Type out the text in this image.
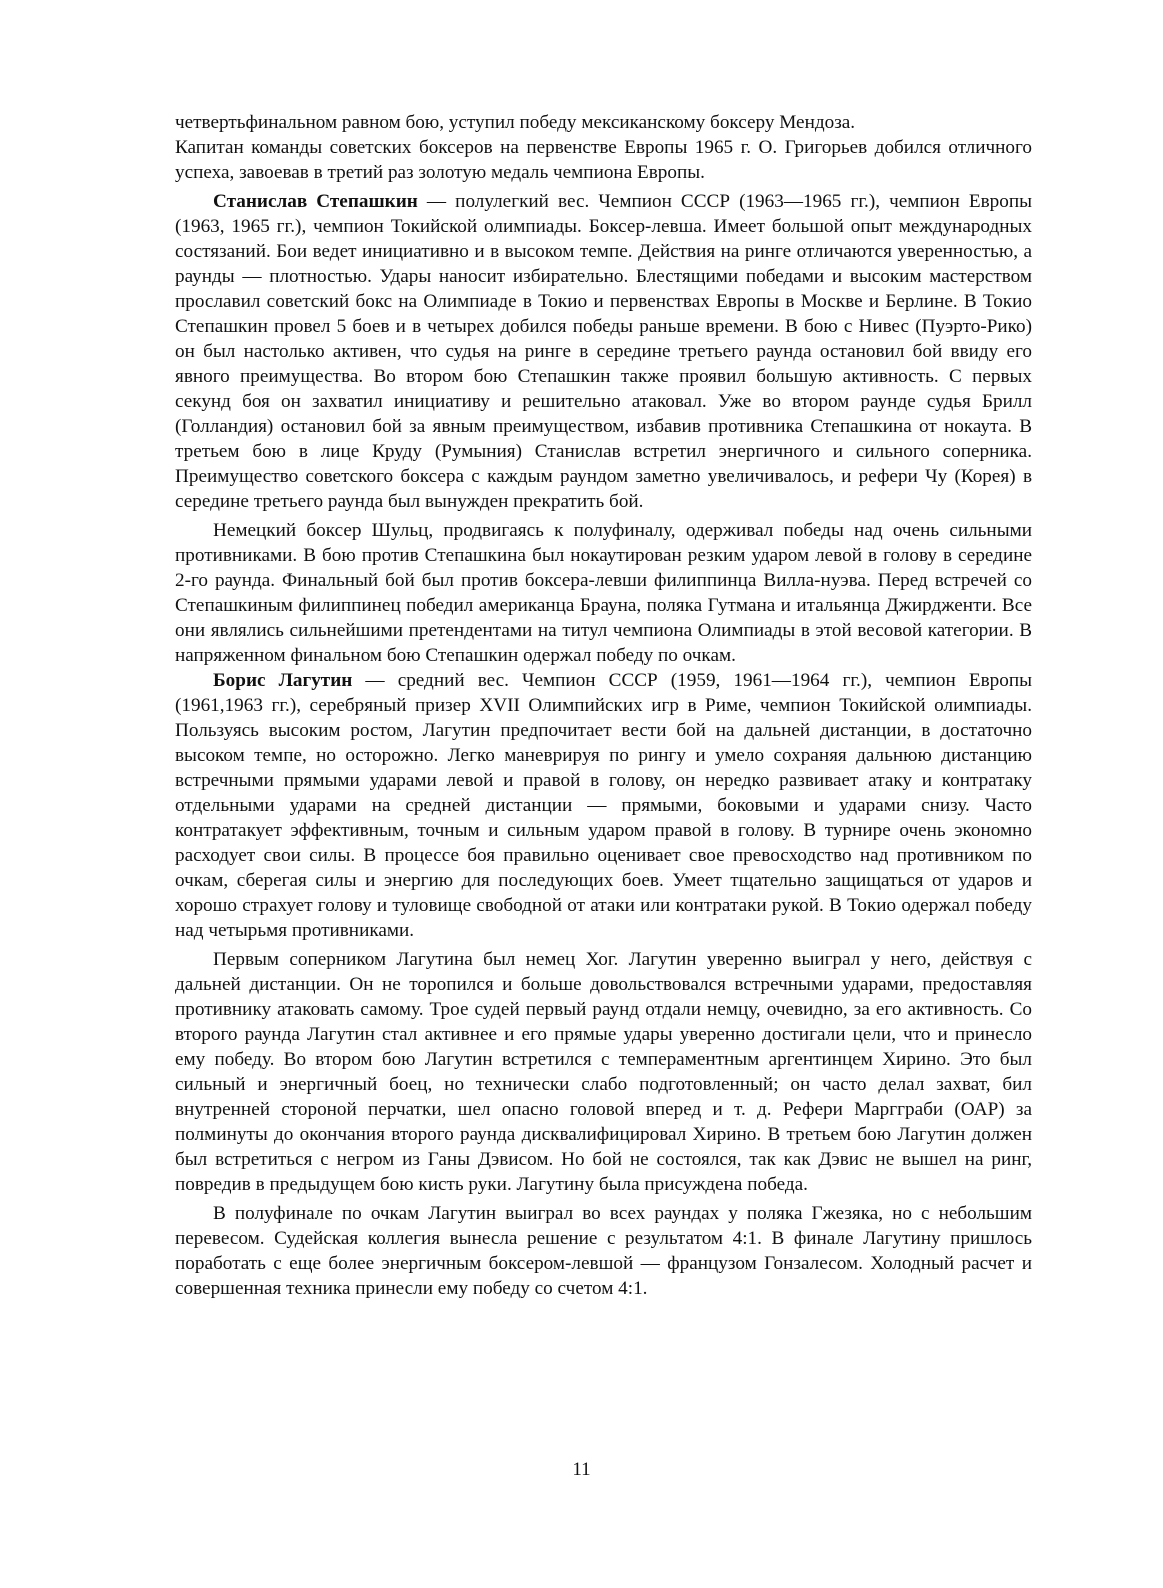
четвертьфинальном равном бою, уступил победу мексиканскому боксеру Мендоза.

Капитан команды советских боксеров на первенстве Европы 1965 г. О. Григорьев добился отличного успеха, завоевав в третий раз золотую медаль чемпиона Европы.

Станислав Степашкин — полулегкий вес. Чемпион СССР (1963—1965 гг.), чемпион Европы (1963, 1965 гг.), чемпион Токийской олимпиады. Боксер-левша. Имеет большой опыт международных состязаний. Бои ведет инициативно и в высоком темпе. Действия на ринге отличаются уверенностью, а раунды — плотностью. Удары наносит избирательно. Блестящими победами и высоким мастерством прославил советский бокс на Олимпиаде в Токио и первенствах Европы в Москве и Берлине. В Токио Степашкин провел 5 боев и в четырех добился победы раньше времени. В бою с Нивес (Пуэрто-Рико) он был настолько активен, что судья на ринге в середине третьего раунда остановил бой ввиду его явного преимущества. Во втором бою Степашкин также проявил большую активность. С первых секунд боя он захватил инициативу и решительно атаковал. Уже во втором раунде судья Брилл (Голландия) остановил бой за явным преимуществом, избавив противника Степашкина от нокаута. В третьем бою в лице Круду (Румыния) Станислав встретил энергичного и сильного соперника. Преимущество советского боксера с каждым раундом заметно увеличивалось, и рефери Чу (Корея) в середине третьего раунда был вынужден прекратить бой.

Немецкий боксер Шульц, продвигаясь к полуфиналу, одерживал победы над очень сильными противниками. В бою против Степашкина был нокаутирован резким ударом левой в голову в середине 2-го раунда. Финальный бой был против боксера-левши филиппинца Вилла-нуэва. Перед встречей со Степашкиным филиппинец победил американца Брауна, поляка Гутмана и итальянца Джирдженти. Все они являлись сильнейшими претендентами на титул чемпиона Олимпиады в этой весовой категории. В напряженном финальном бою Степашкин одержал победу по очкам.

Борис Лагутин — средний вес. Чемпион СССР (1959, 1961—1964 гг.), чемпион Европы (1961,1963 гг.), серебряный призер XVII Олимпийских игр в Риме, чемпион Токийской олимпиады. Пользуясь высоким ростом, Лагутин предпочитает вести бой на дальней дистанции, в достаточно высоком темпе, но осторожно. Легко маневрируя по рингу и умело сохраняя дальнюю дистанцию встречными прямыми ударами левой и правой в голову, он нередко развивает атаку и контратаку отдельными ударами на средней дистанции — прямыми, боковыми и ударами снизу. Часто контратакует эффективным, точным и сильным ударом правой в голову. В турнире очень экономно расходует свои силы. В процессе боя правильно оценивает свое превосходство над противником по очкам, сберегая силы и энергию для последующих боев. Умеет тщательно защищаться от ударов и хорошо страхует голову и туловище свободной от атаки или контратаки рукой. В Токио одержал победу над четырьмя противниками.

Первым соперником Лагутина был немец Хог. Лагутин уверенно выиграл у него, действуя с дальней дистанции. Он не торопился и больше довольствовался встречными ударами, предоставляя противнику атаковать самому. Трое судей первый раунд отдали немцу, очевидно, за его активность. Со второго раунда Лагутин стал активнее и его прямые удары уверенно достигали цели, что и принесло ему победу. Во втором бою Лагутин встретился с темпераментным аргентинцем Хирино. Это был сильный и энергичный боец, но технически слабо подготовленный; он часто делал захват, бил внутренней стороной перчатки, шел опасно головой вперед и т. д. Рефери Маргграби (ОАР) за полминуты до окончания второго раунда дисквалифицировал Хирино. В третьем бою Лагутин должен был встретиться с негром из Ганы Дэвисом. Но бой не состоялся, так как Дэвис не вышел на ринг, повредив в предыдущем бою кисть руки. Лагутину была присуждена победа.

В полуфинале по очкам Лагутин выиграл во всех раундах у поляка Гжезяка, но с небольшим перевесом. Судейская коллегия вынесла решение с результатом 4:1. В финале Лагутину пришлось поработать с еще более энергичным боксером-левшой — французом Гонзалесом. Холодный расчет и совершенная техника принесли ему победу со счетом 4:1.

11
